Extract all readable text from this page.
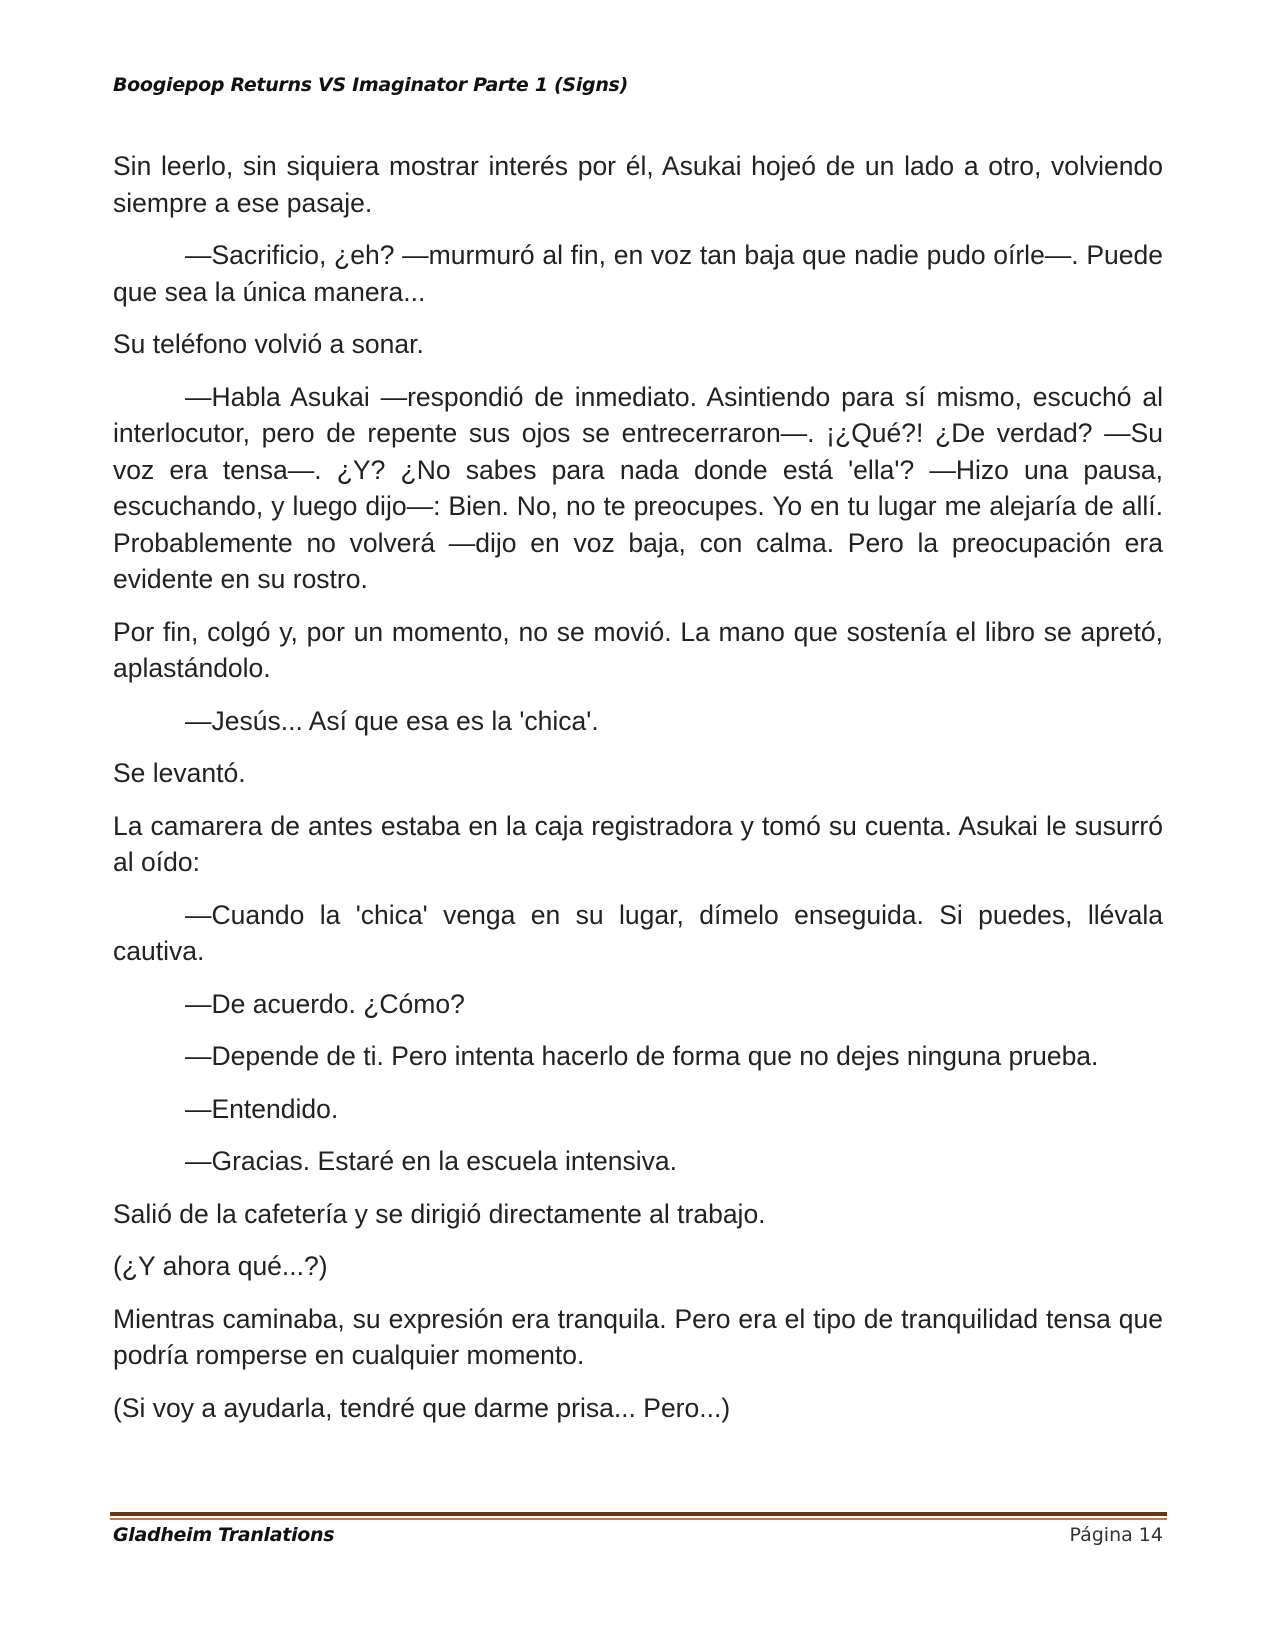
Boogiepop Returns VS Imaginator Parte 1 (Signs)

Sin leerlo, sin siquiera mostrar interés por él, Asukai hojeó de un lado a otro, volviendo siempre a ese pasaje.

—Sacrificio, ¿eh? —murmuró al fin, en voz tan baja que nadie pudo oírle—. Puede que sea la única manera...

Su teléfono volvió a sonar.

—Habla Asukai —respondió de inmediato. Asintiendo para sí mismo, escuchó al interlocutor, pero de repente sus ojos se entrecerraron—. ¡¿Qué?! ¿De verdad? —Su voz era tensa—. ¿Y? ¿No sabes para nada donde está 'ella'? —Hizo una pausa, escuchando, y luego dijo—: Bien. No, no te preocupes. Yo en tu lugar me alejaría de allí. Probablemente no volverá —dijo en voz baja, con calma. Pero la preocupación era evidente en su rostro.

Por fin, colgó y, por un momento, no se movió. La mano que sostenía el libro se apretó, aplastándolo.

—Jesús... Así que esa es la 'chica'.

Se levantó.

La camarera de antes estaba en la caja registradora y tomó su cuenta. Asukai le susurró al oído:

—Cuando la 'chica' venga en su lugar, dímelo enseguida. Si puedes, llévala cautiva.

—De acuerdo. ¿Cómo?

—Depende de ti. Pero intenta hacerlo de forma que no dejes ninguna prueba.

—Entendido.

—Gracias. Estaré en la escuela intensiva.

Salió de la cafetería y se dirigió directamente al trabajo.

(¿Y ahora qué...?)

Mientras caminaba, su expresión era tranquila. Pero era el tipo de tranquilidad tensa que podría romperse en cualquier momento.

(Si voy a ayudarla, tendré que darme prisa... Pero...)

Gladheim Tranlations	Página 14
